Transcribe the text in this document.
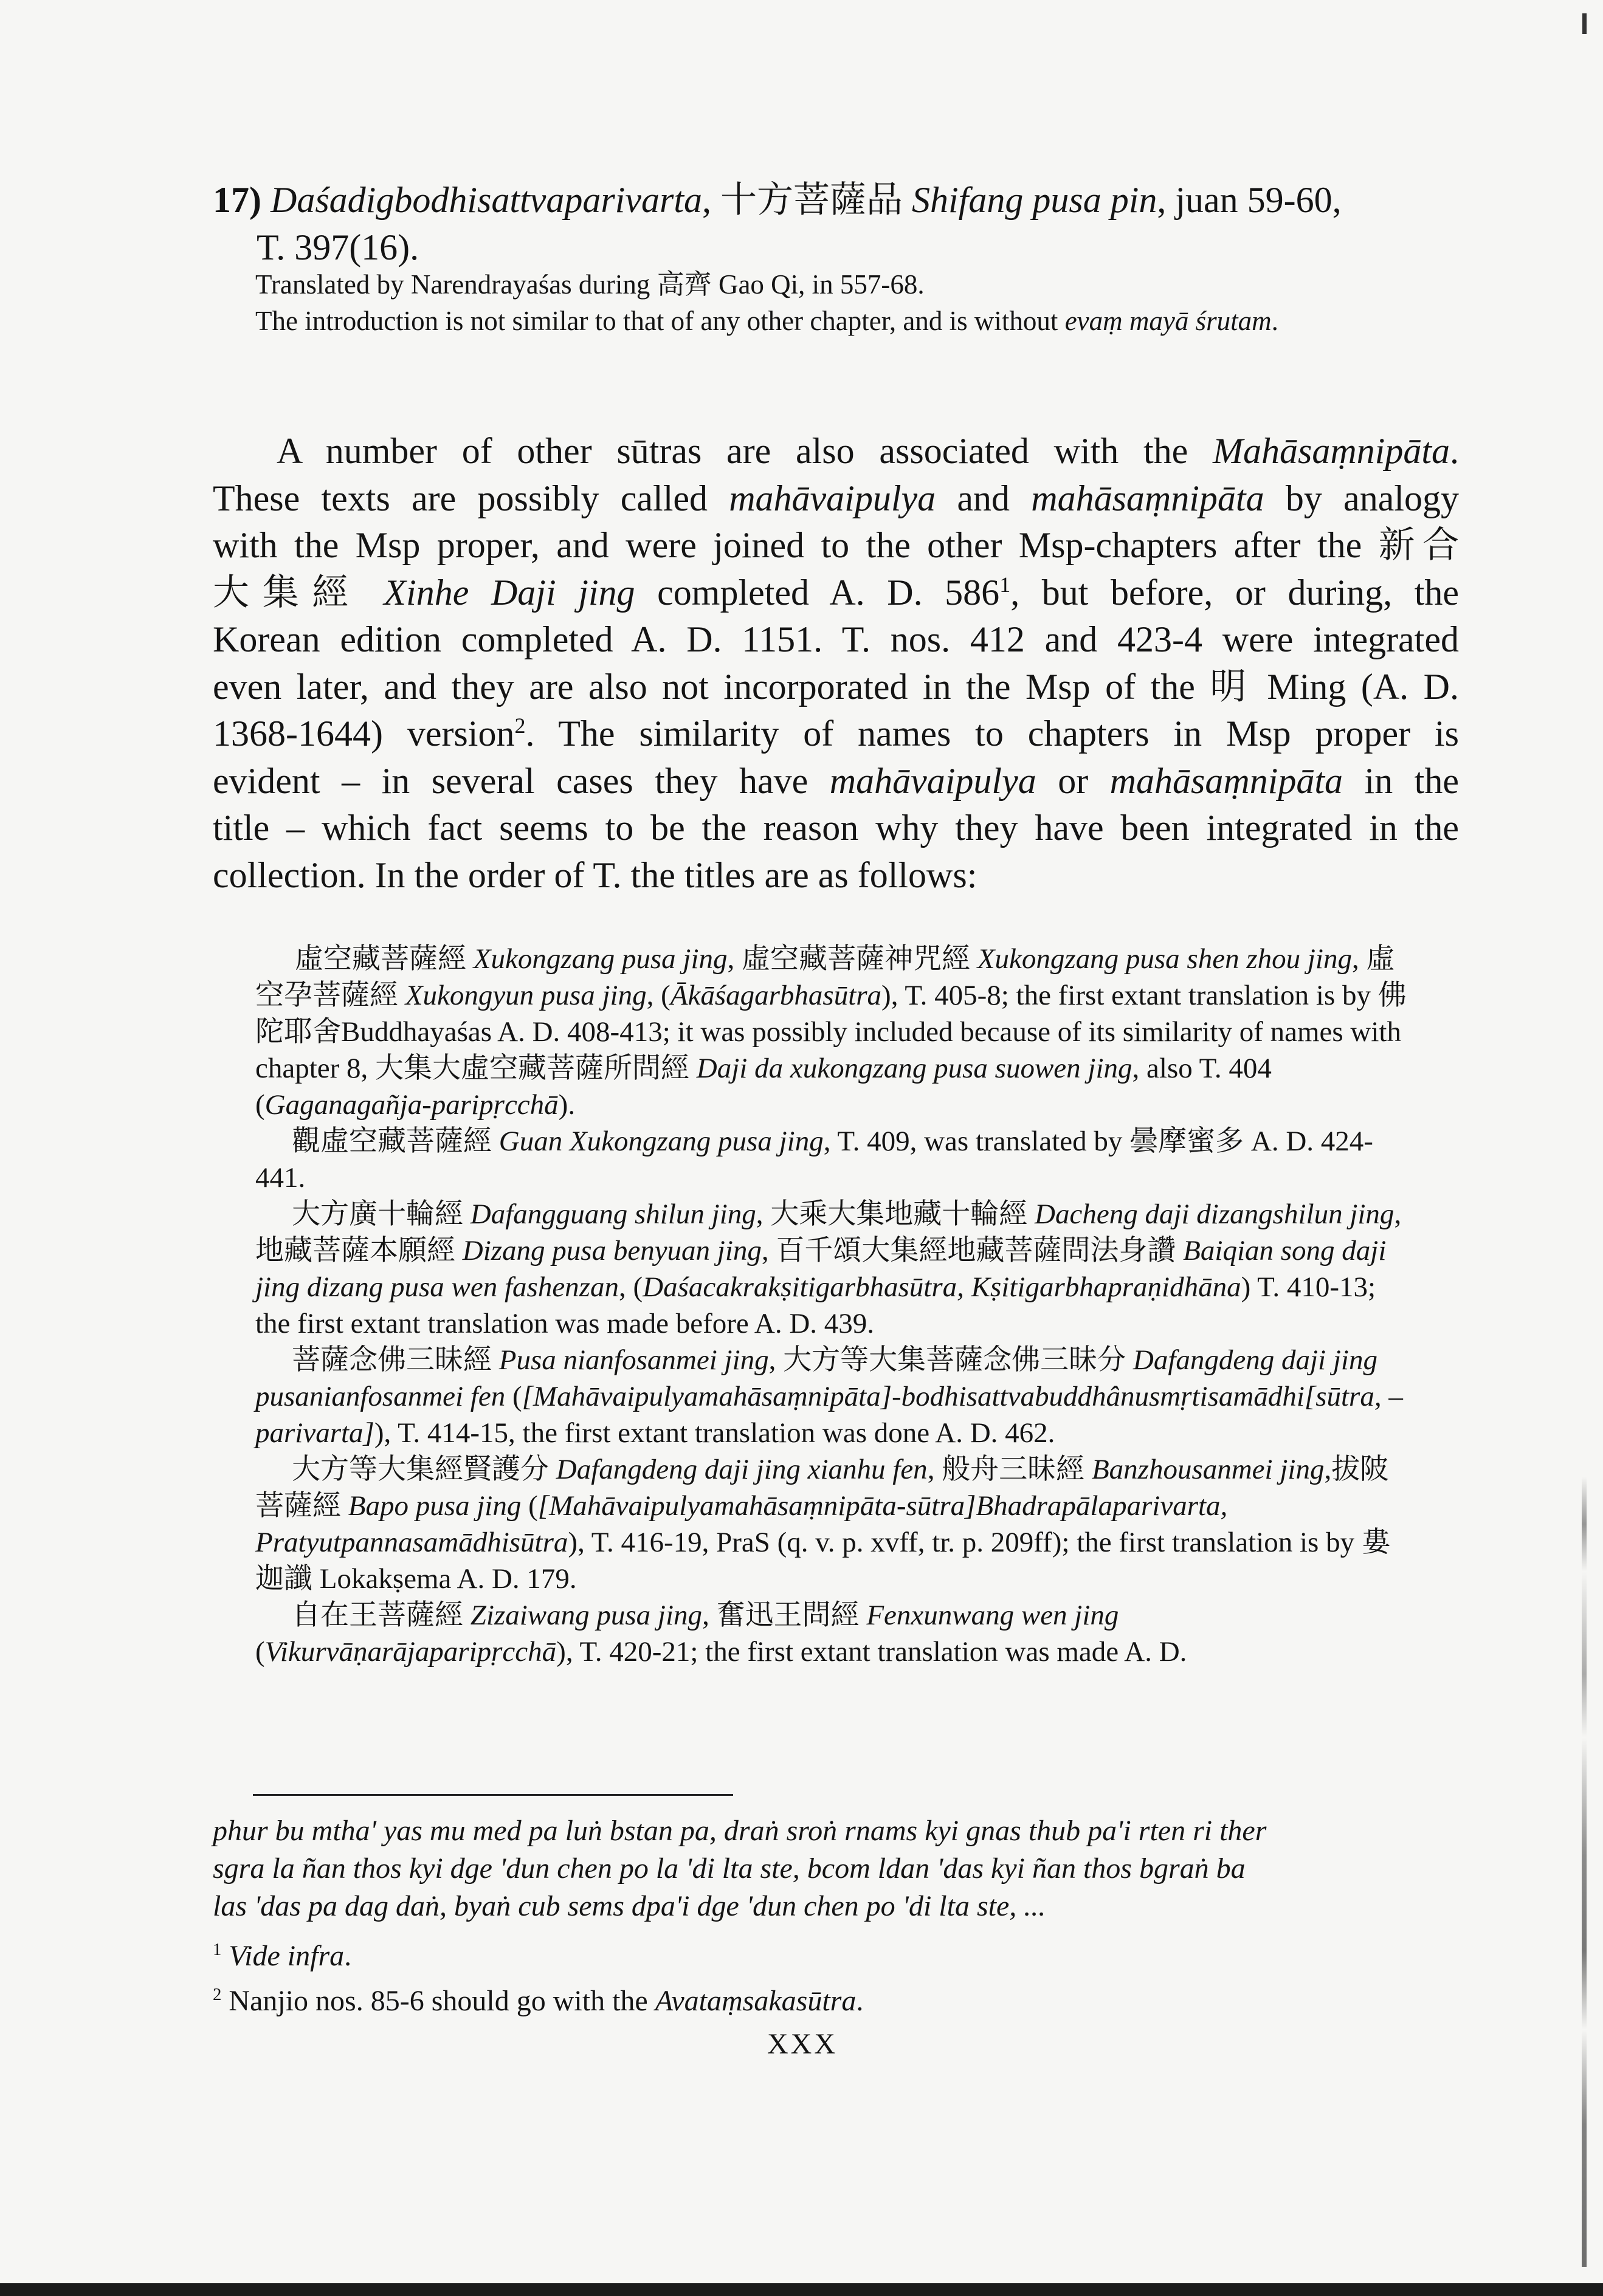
17) Daśadigbodhisattvaparivarta, 十方菩薩品 Shifang pusa pin, juan 59-60,
T. 397(16).
Translated by Narendrayaśas during 高齊 Gao Qi, in 557-68.
The introduction is not similar to that of any other chapter, and is without evaṃ mayā śrutam.
A number of other sūtras are also associated with the Mahāsaṃnipāta.
These texts are possibly called mahāvaipulya and mahāsaṃnipāta by analogy
with the Msp proper, and were joined to the other Msp-chapters after the 新合
大集經 Xinhe Daji jing completed A. D. $586^1$, but before, or during, the
Korean edition completed A. D. 1151. T. nos. 412 and 423-4 were integrated
even later, and they are also not incorporated in the Msp of the 明 Ming (A. D.
1368-1644) version$^2$. The similarity of names to chapters in Msp proper is
evident – in several cases they have mahāvaipulya or mahāsaṃnipāta in the
title – which fact seems to be the reason why they have been integrated in the
collection. In the order of T. the titles are as follows:

虛空藏菩薩經 Xukongzang pusa jing, 虛空藏菩薩神咒經 Xukongzang pusa shen zhou jing, 虛空孕菩薩經 Xukongyun pusa jing, (Ākāśagarbhasūtra), T. 405-8; the first extant translation is by 佛陀耶舍Buddhayaśas A. D. 408-413; it was possibly included because of its similarity of names with chapter 8, 大集大虛空藏菩薩所問經 Daji da xukongzang pusa suowen jing, also T. 404 (Gaganagañja-paripṛcchā).

觀虛空藏菩薩經 Guan Xukongzang pusa jing, T. 409, was translated by 曇摩蜜多 A. D. 424-441.

大方廣十輪經 Dafangguang shilun jing, 大乘大集地藏十輪經 Dacheng daji dizangshilun jing, 地藏菩薩本願經 Dizang pusa benyuan jing, 百千頌大集經地藏菩薩問法身讚 Baiqian song daji jing dizang pusa wen fashenzan, (Daśacakrakṣitigarbhasūtra, Kṣitigarbhapraṇidhāna) T. 410-13; the first extant translation was made before A. D. 439.

菩薩念佛三昧經 Pusa nianfosanmei jing, 大方等大集菩薩念佛三昧分 Dafangdeng daji jing pusanianfosanmei fen ([Mahāvaipulyamahāsaṃnipāta]-bodhisattvabuddhânusmṛtisamādhi[sūtra, –parivarta]), T. 414-15, the first extant translation was done A. D. 462.

大方等大集經賢護分 Dafangdeng daji jing xianhu fen, 般舟三昧經 Banzhousanmei jing,拔陂菩薩經 Bapo pusa jing ([Mahāvaipulyamahāsaṃnipāta-sūtra]Bhadrapālaparivarta, Pratyutpannasamādhisūtra), T. 416-19, PraS (q. v. p. xvff, tr. p. 209ff); the first translation is by 婁迦讖 Lokakṣema A. D. 179.

自在王菩薩經 Zizaiwang pusa jing, 奮迅王問經 Fenxunwang wen jing (Vikurvāṇarājaparipṛcchā), T. 420-21; the first extant translation was made A. D.

phur bu mtha' yas mu med pa luṅ bstan pa, draṅ sroṅ rnams kyi gnas thub pa'i rten ri ther
sgra la ñan thos kyi dge 'dun chen po la 'di lta ste, bcom ldan 'das kyi ñan thos bgraṅ ba
las 'das pa dag daṅ, byaṅ cub sems dpa'i dge 'dun chen po 'di lta ste, ...
$^1$ Vide infra.
$^2$ Nanjio nos. 85-6 should go with the Avataṃsakasūtra.
XXX
